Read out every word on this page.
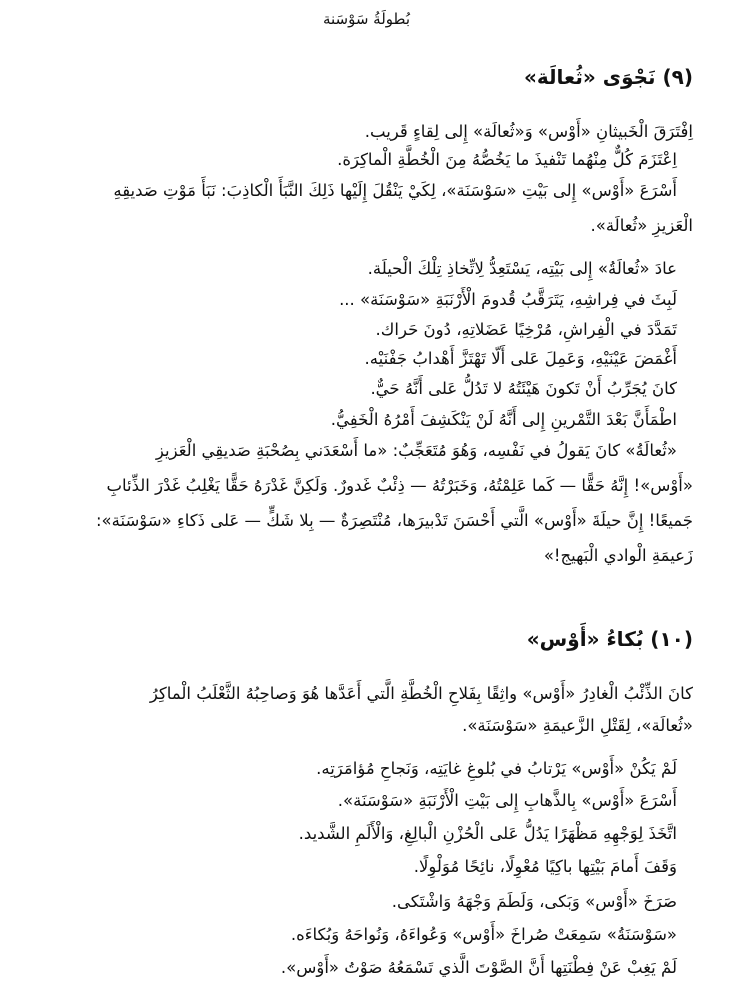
بُطولَةُ سَوْسَنة
(٩) نَجْوَى «ثُعالَة»
اِفْتَرَقَ الْخَبيثانِ «أَوْس» وَ«ثُعالَة» إِلى لِقاءٍ قَريب.
اِعْتَزَمَ كُلٌّ مِنْهُما تَنْفيذَ ما يَخُصُّهُ مِنَ الْخُطَّةِ الْماكِرَة.
أَسْرَعَ «أَوْس» إِلى بَيْتِ «سَوْسَنَة»، لِكَيْ يَنْقُلَ إِلَيْها ذَلِكَ النَّبَأَ الْكاذِبَ: نَبَأَ مَوْتِ صَديقِهِ
الْعَزيزِ «ثُعالَة».
عادَ «ثُعالَةُ» إِلى بَيْتِه، يَسْتَعِدُّ لِاتِّخاذِ تِلْكَ الْحيلَة.
لَبِثَ في فِراشِهِ، يَتَرَقَّبُ قُدومَ الْأَرْنَبَةِ «سَوْسَنَة» ...
تَمَدَّدَ في الْفِراشِ، مُرْخِيًا عَضَلاتِهِ، دُونَ حَراك.
أَغْمَضَ عَيْنَيْهِ، وَعَمِلَ عَلى أَلّا تَهْتَزَّ أَهْدابُ جَفْنَيْه.
كانَ يُجَرِّبُ أَنْ تَكونَ هَيْئَتُهُ لا تَدُلُّ عَلى أَنَّهُ حَيٌّ.
اطْمَأَنَّ بَعْدَ التَّمْرينِ إِلى أَنَّهُ لَنْ يَنْكَشِفَ أَمْرُهُ الْخَفِيُّ.
«ثُعالَةُ» كانَ يَقولُ في نَفْسِه، وَهُوَ مُتَعَجِّبٌ: «ما أَسْعَدَني بِصُحْبَةِ صَديقِي الْعَزيزِ
«أَوْس»! إِنَّهُ حَقًّا — كَما عَلِمْتُهُ، وَخَبَرْتُهُ — ذِئْبٌ غَدورٌ. وَلَكِنَّ غَدْرَهُ حَقًّا يَغْلِبُ غَدْرَ الذِّئابِ
جَميعًا! إِنَّ حيلَةَ «أَوْس» الَّتي أَحْسَنَ تَدْبيرَها، مُنْتَصِرَةٌ — بِلا شَكٍّ — عَلى ذَكاءِ «سَوْسَنَة»:
زَعيمَةِ الْوادي الْبَهيج!»
(١٠) بُكاءُ «أَوْس»
كانَ الذِّئْبُ الْغادِرُ «أَوْس» واثِقًا بِفَلاحِ الْخُطَّةِ الَّتي أَعَدَّها هُوَ وَصاحِبُهُ الثَّعْلَبُ الْماكِرُ
«ثُعالَة»، لِقَتْلِ الزَّعيمَةِ «سَوْسَنَة».
لَمْ يَكُنْ «أَوْس» يَرْتابُ في بُلوغِ غايَتِه، وَنَجاحِ مُؤامَرَتِه.
أَسْرَعَ «أَوْس» بِالذَّهابِ إِلى بَيْتِ الْأَرْنَبَةِ «سَوْسَنَة».
اتَّخَذَ لِوَجْهِهِ مَظْهَرًا يَدُلُّ عَلى الْحُزْنِ الْبالِغِ، وَالْأَلَمِ الشَّديد.
وَقَفَ أَمامَ بَيْتِها باكِيًا مُعْوِلًا، نائِحًا مُوَلْوِلًا.
صَرَخَ «أَوْس» وَبَكى، وَلَطَمَ وَجْهَهُ وَاشْتَكى.
«سَوْسَنَةُ» سَمِعَتْ صُراخَ «أَوْس» وَعُواءَهُ، وَنُواحَهُ وَبُكاءَه.
لَمْ يَغِبْ عَنْ فِطْنَتِها أَنَّ الصَّوْتَ الَّذي تَسْمَعُهُ صَوْتُ «أَوْس».
